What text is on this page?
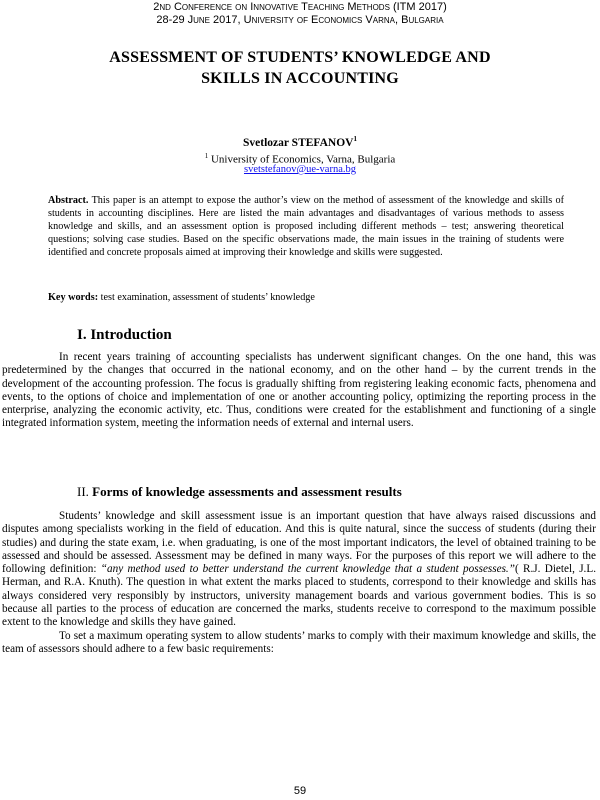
2nd Conference on Innovative Teaching Methods (ITM 2017)
28-29 June 2017, University of Economics Varna, Bulgaria
ASSESSMENT OF STUDENTS’ KNOWLEDGE AND
SKILLS IN ACCOUNTING
Svetlozar STEFANOV$^1$
$^1$ University of Economics, Varna, Bulgaria
svetstefanov@ue-varna.bg

Abstract. This paper is an attempt to expose the author’s view on the method of assessment of the knowledge and skills of students in accounting disciplines. Here are listed the main advantages and disadvantages of various methods to assess knowledge and skills, and an assessment option is proposed including different methods – test; answering theoretical questions; solving case studies. Based on the specific observations made, the main issues in the training of students were identified and concrete proposals aimed at improving their knowledge and skills were suggested.

Key words: test examination, assessment of students’ knowledge

I. Introduction

In recent years training of accounting specialists has underwent significant changes. On the one hand, this was predetermined by the changes that occurred in the national economy, and on the other hand – by the current trends in the development of the accounting profession. The focus is gradually shifting from registering leaking economic facts, phenomena and events, to the options of choice and implementation of one or another accounting policy, optimizing the reporting process in the enterprise, analyzing the economic activity, etc. Thus, conditions were created for the establishment and functioning of a single integrated information system, meeting the information needs of external and internal users.

II. Forms of knowledge assessments and assessment results

Students’ knowledge and skill assessment issue is an important question that have always raised discussions and disputes among specialists working in the field of education. And this is quite natural, since the success of students (during their studies) and during the state exam, i.e. when graduating, is one of the most important indicators, the level of obtained training to be assessed and should be assessed. Assessment may be defined in many ways. For the purposes of this report we will adhere to the following definition: “any method used to better understand the current knowledge that a student possesses.”( R.J. Dietel, J.L. Herman, and R.A. Knuth). The question in what extent the marks placed to students, correspond to their knowledge and skills has always considered very responsibly by instructors, university management boards and various government bodies. This is so because all parties to the process of education are concerned the marks, students receive to correspond to the maximum possible extent to the knowledge and skills they have gained.

To set a maximum operating system to allow students’ marks to comply with their maximum knowledge and skills, the team of assessors should adhere to a few basic requirements:

59
